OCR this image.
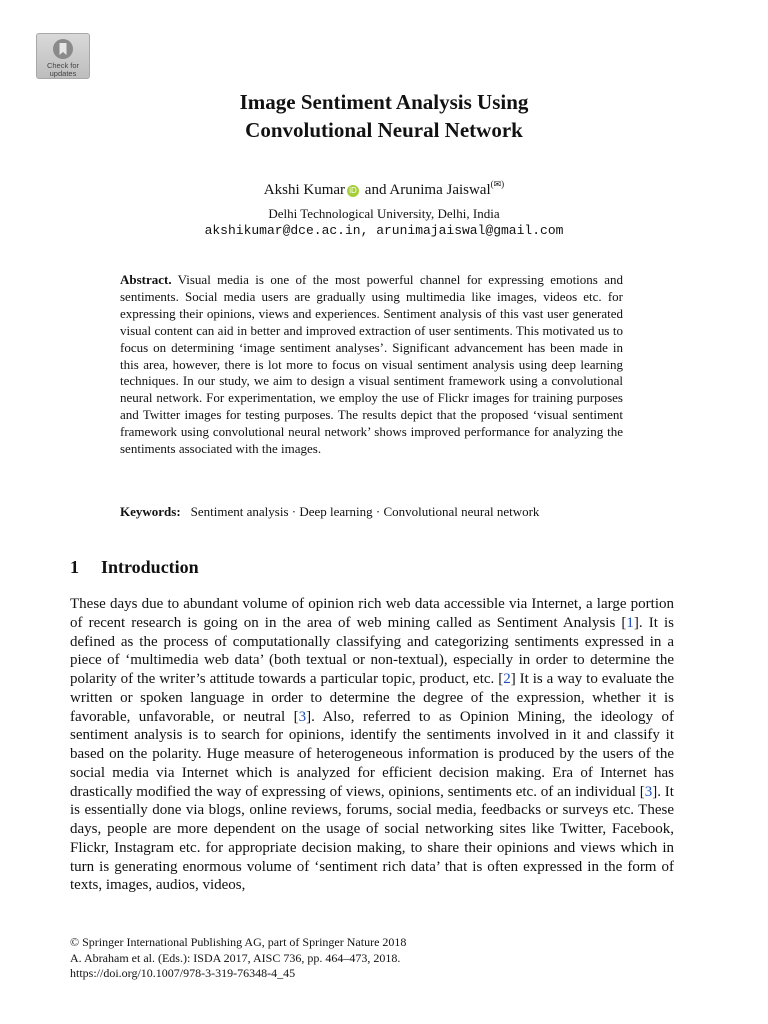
Check for
updates
Image Sentiment Analysis Using
Convolutional Neural Network
Akshi Kumar iD and Arunima Jaiswal(✉)
Delhi Technological University, Delhi, India
akshikumar@dce.ac.in, arunimajaiswal@gmail.com

Abstract. Visual media is one of the most powerful channel for expressing emotions and sentiments. Social media users are gradually using multimedia like images, videos etc. for expressing their opinions, views and experiences. Sentiment analysis of this vast user generated visual content can aid in better and improved extraction of user sentiments. This motivated us to focus on determining ‘image sentiment analyses’. Significant advancement has been made in this area, however, there is lot more to focus on visual sentiment analysis using deep learning techniques. In our study, we aim to design a visual sentiment framework using a convolutional neural network. For experimentation, we employ the use of Flickr images for training purposes and Twitter images for testing purposes. The results depict that the proposed ‘visual sentiment framework using convolutional neural network’ shows improved performance for analyzing the sentiments associated with the images.

Keywords: Sentiment analysis · Deep learning · Convolutional neural network
1 Introduction

These days due to abundant volume of opinion rich web data accessible via Internet, a large portion of recent research is going on in the area of web mining called as Sentiment Analysis [1]. It is defined as the process of computationally classifying and categorizing sentiments expressed in a piece of ‘multimedia web data’ (both textual or non-textual), especially in order to determine the polarity of the writer’s attitude towards a particular topic, product, etc. [2] It is a way to evaluate the written or spoken language in order to determine the degree of the expression, whether it is favorable, unfavorable, or neutral [3]. Also, referred to as Opinion Mining, the ideology of sentiment analysis is to search for opinions, identify the sentiments involved in it and classify it based on the polarity. Huge measure of heterogeneous information is produced by the users of the social media via Internet which is analyzed for efficient decision making. Era of Internet has drastically modified the way of expressing of views, opinions, sentiments etc. of an individual [3]. It is essentially done via blogs, online reviews, forums, social media, feedbacks or surveys etc. These days, people are more dependent on the usage of social networking sites like Twitter, Facebook, Flickr, Instagram etc. for appropriate decision making, to share their opinions and views which in turn is generating enormous volume of ‘sentiment rich data’ that is often expressed in the form of texts, images, audios, videos,

© Springer International Publishing AG, part of Springer Nature 2018
A. Abraham et al. (Eds.): ISDA 2017, AISC 736, pp. 464–473, 2018.
https://doi.org/10.1007/978-3-319-76348-4_45
